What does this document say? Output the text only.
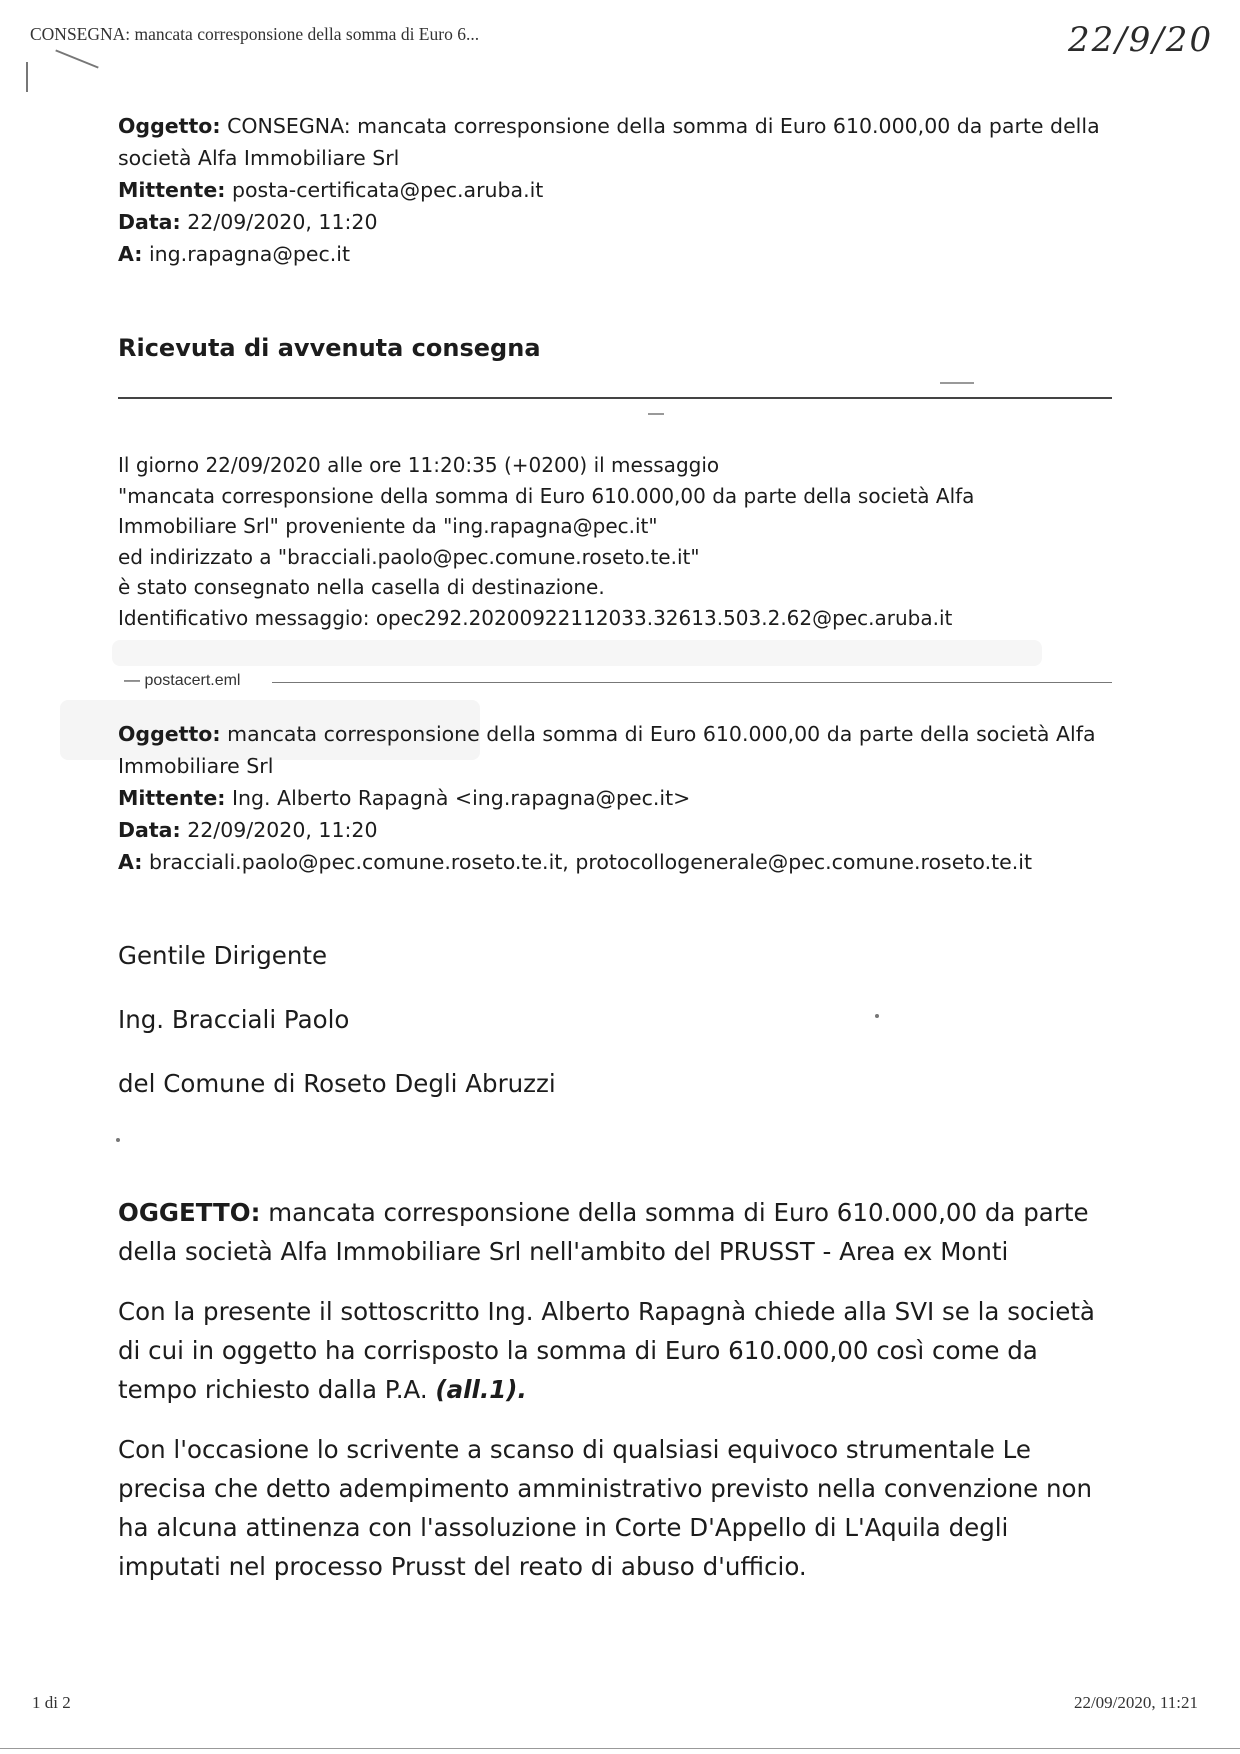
CONSEGNA: mancata corresponsione della somma di Euro 6...	22/9/20
Oggetto: CONSEGNA: mancata corresponsione della somma di Euro 610.000,00 da parte della società Alfa Immobiliare Srl
Mittente: posta-certificata@pec.aruba.it
Data: 22/09/2020, 11:20
A: ing.rapagna@pec.it
Ricevuta di avvenuta consegna
Il giorno 22/09/2020 alle ore 11:20:35 (+0200) il messaggio
"mancata corresponsione della somma di Euro 610.000,00 da parte della società Alfa
Immobiliare Srl" proveniente da "ing.rapagna@pec.it"
ed indirizzato a "bracciali.paolo@pec.comune.roseto.te.it"
è stato consegnato nella casella di destinazione.
Identificativo messaggio: opec292.20200922112033.32613.503.2.62@pec.aruba.it
— postacert.eml
Oggetto: mancata corresponsione della somma di Euro 610.000,00 da parte della società Alfa Immobiliare Srl
Mittente: Ing. Alberto Rapagnà <ing.rapagna@pec.it>
Data: 22/09/2020, 11:20
A: bracciali.paolo@pec.comune.roseto.te.it, protocollogenerale@pec.comune.roseto.te.it
Gentile Dirigente
Ing. Bracciali Paolo
del Comune di Roseto Degli Abruzzi
OGGETTO: mancata corresponsione della somma di Euro 610.000,00 da parte della società Alfa Immobiliare Srl nell'ambito del PRUSST - Area ex Monti
Con la presente il sottoscritto Ing. Alberto Rapagnà chiede alla SVI se la società di cui in oggetto ha corrisposto la somma di Euro 610.000,00 così come da tempo richiesto dalla P.A. (all.1).
Con l'occasione lo scrivente a scanso di qualsiasi equivoco strumentale Le precisa che detto adempimento amministrativo previsto nella convenzione non ha alcuna attinenza con l'assoluzione in Corte D'Appello di L'Aquila degli imputati nel processo Prusst del reato di abuso d'ufficio.
1 di 2	22/09/2020, 11:21
